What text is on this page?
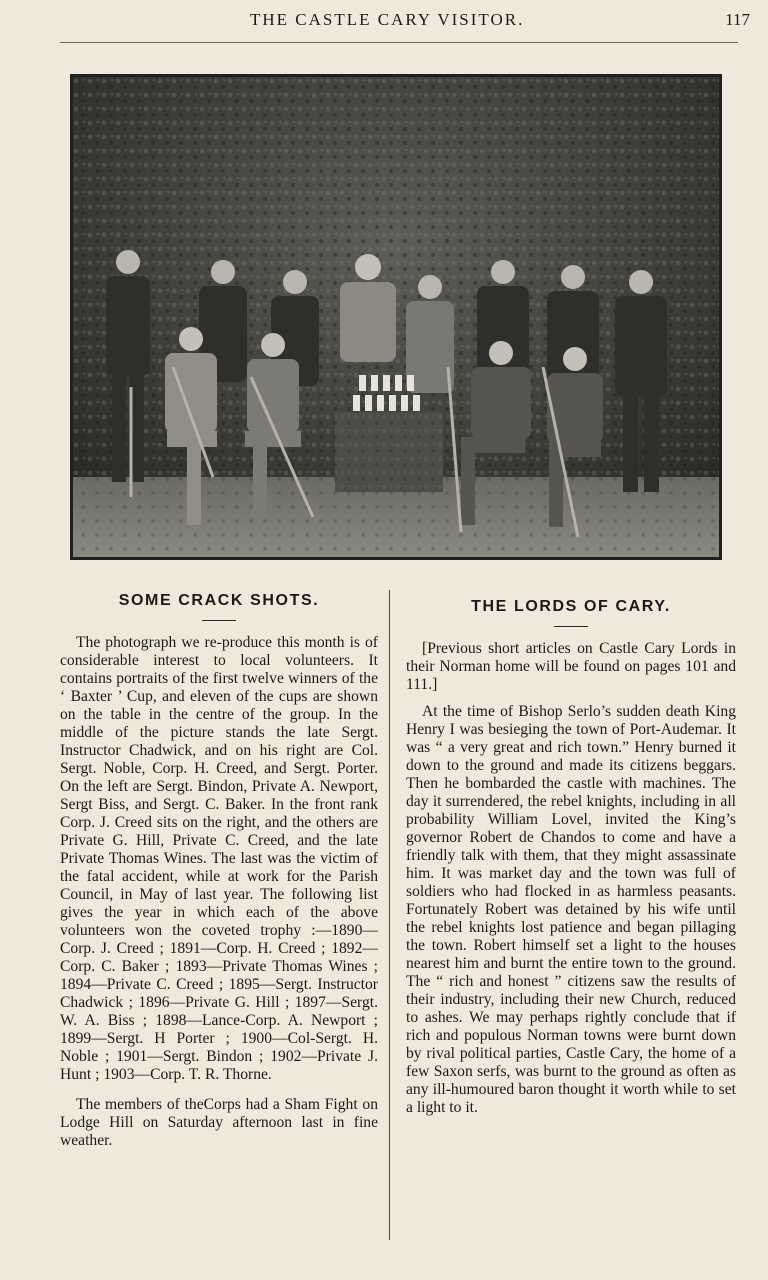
THE CASTLE CARY VISITOR.	117
SOME CRACK SHOTS.

The photograph we re-produce this month is of considerable interest to local volunteers. It contains portraits of the first twelve winners of the ‘ Baxter ’ Cup, and eleven of the cups are shown on the table in the centre of the group. In the middle of the picture stands the late Sergt. Instructor Chadwick, and on his right are Col. Sergt. Noble, Corp. H. Creed, and Sergt. Porter. On the left are Sergt. Bindon, Private A. Newport, Sergt Biss, and Sergt. C. Baker. In the front rank Corp. J. Creed sits on the right, and the others are Private G. Hill, Private C. Creed, and the late Private Thomas Wines. The last was the victim of the fatal accident, while at work for the Parish Council, in May of last year. The following list gives the year in which each of the above volunteers won the coveted trophy :—1890—Corp. J. Creed ; 1891—Corp. H. Creed ; 1892—Corp. C. Baker ; 1893—Private Thomas Wines ; 1894—Private C. Creed ; 1895—Sergt. Instructor Chadwick ; 1896—Private G. Hill ; 1897—Sergt. W. A. Biss ; 1898—Lance-Corp. A. Newport ; 1899—Sergt. H Porter ; 1900—Col-Sergt. H. Noble ; 1901—Sergt. Bindon ; 1902—Private J. Hunt ; 1903—Corp. T. R. Thorne.

The members of theCorps had a Sham Fight on Lodge Hill on Saturday afternoon last in fine weather.

THE LORDS OF CARY.

[Previous short articles on Castle Cary Lords in their Norman home will be found on pages 101 and 111.]

At the time of Bishop Serlo’s sudden death King Henry I was besieging the town of Port-Audemar. It was “ a very great and rich town.” Henry burned it down to the ground and made its citizens beggars. Then he bombarded the castle with machines. The day it surrendered, the rebel knights, including in all probability William Lovel, invited the King’s governor Robert de Chandos to come and have a friendly talk with them, that they might assassinate him. It was market day and the town was full of soldiers who had flocked in as harmless peasants. Fortunately Robert was detained by his wife until the rebel knights lost patience and began pillaging the town. Robert himself set a light to the houses nearest him and burnt the entire town to the ground. The “ rich and honest ” citizens saw the results of their industry, including their new Church, reduced to ashes. We may perhaps rightly conclude that if rich and populous Norman towns were burnt down by rival political parties, Castle Cary, the home of a few Saxon serfs, was burnt to the ground as often as any ill-humoured baron thought it worth while to set a light to it.
